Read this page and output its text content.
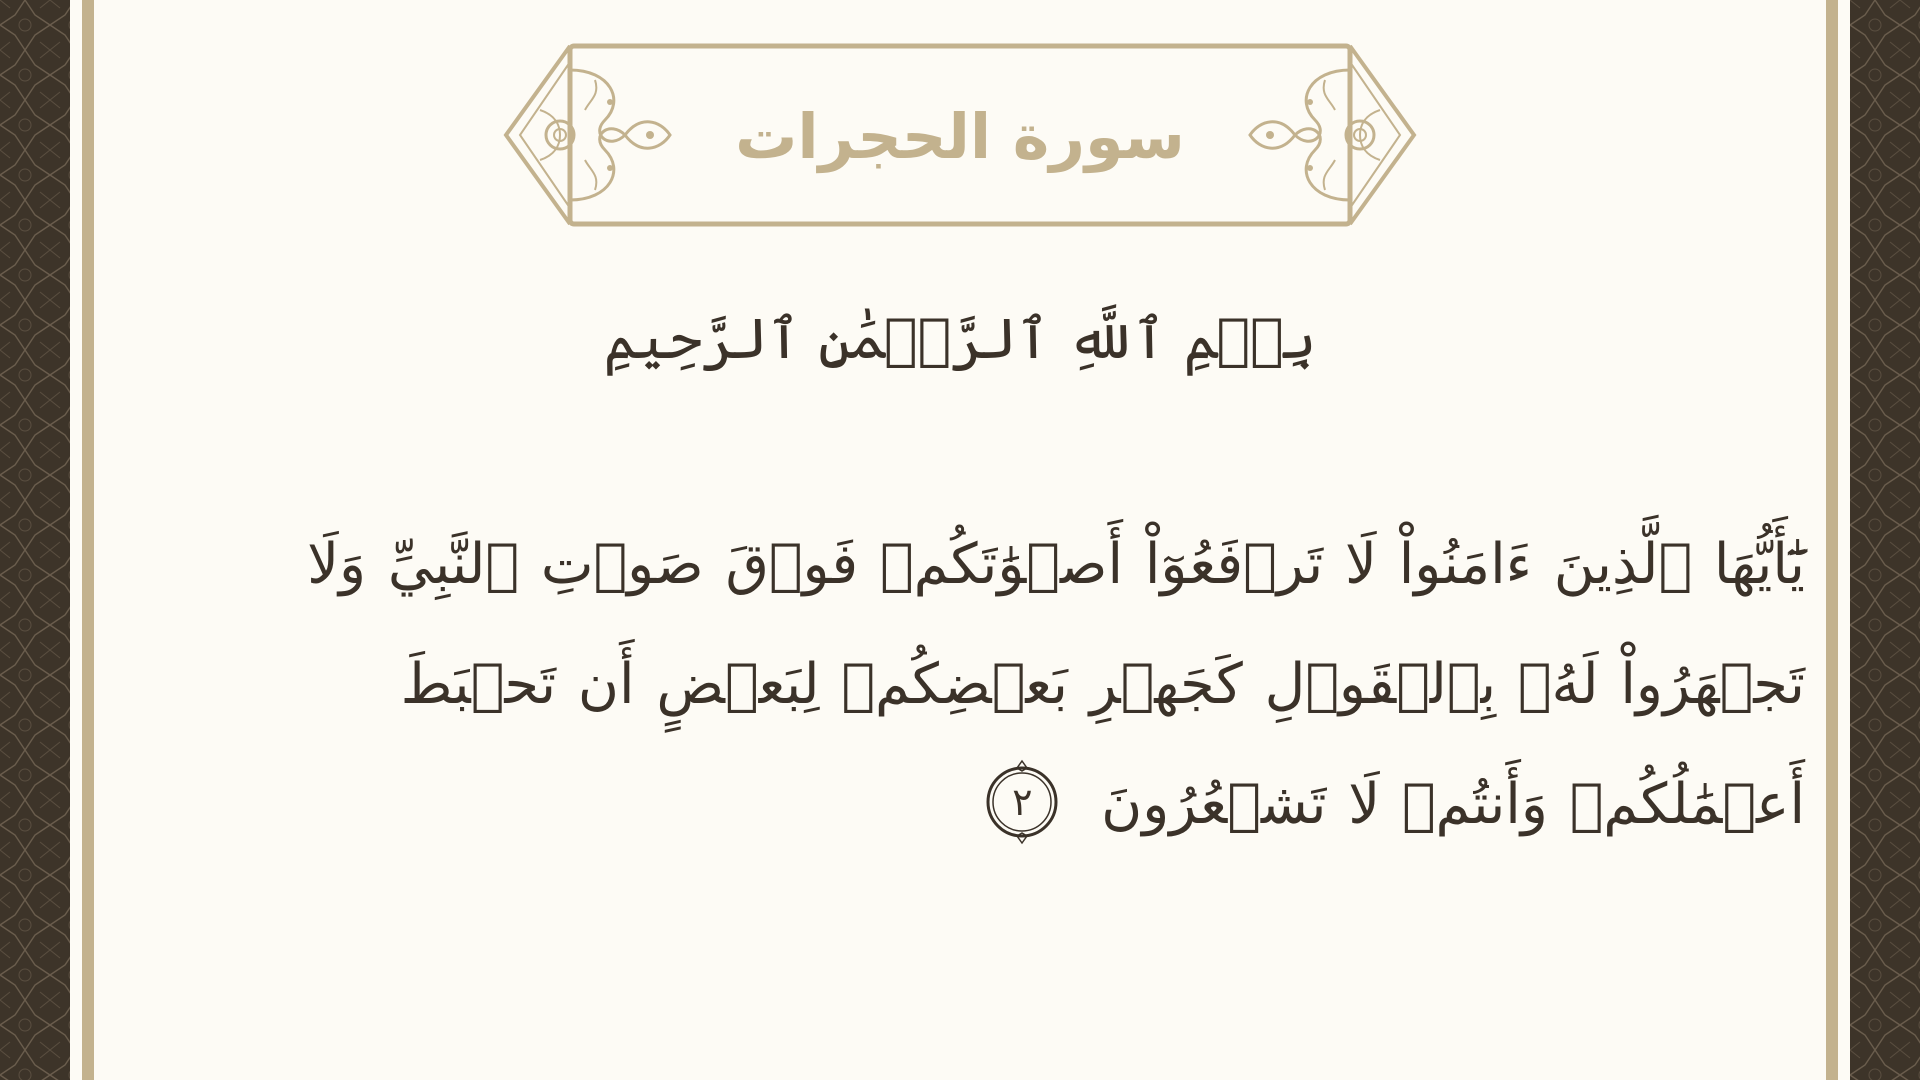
سورة الحجرات
بِسۡمِ ٱللَّهِ ٱلرَّحۡمَٰنِ ٱلرَّحِيمِ
يَٰٓأَيُّهَا ٱلَّذِينَ ءَامَنُواْ لَا تَرۡفَعُوٓاْ أَصۡوَٰتَكُمۡ فَوۡقَ صَوۡتِ ٱلنَّبِيِّ وَلَا تَجۡهَرُواْ لَهُۥ بِٱلۡقَوۡلِ كَجَهۡرِ بَعۡضِكُمۡ لِبَعۡضٍ أَن تَحۡبَطَ أَعۡمَٰلُكُمۡ وَأَنتُمۡ لَا تَشۡعُرُونَ
٢
